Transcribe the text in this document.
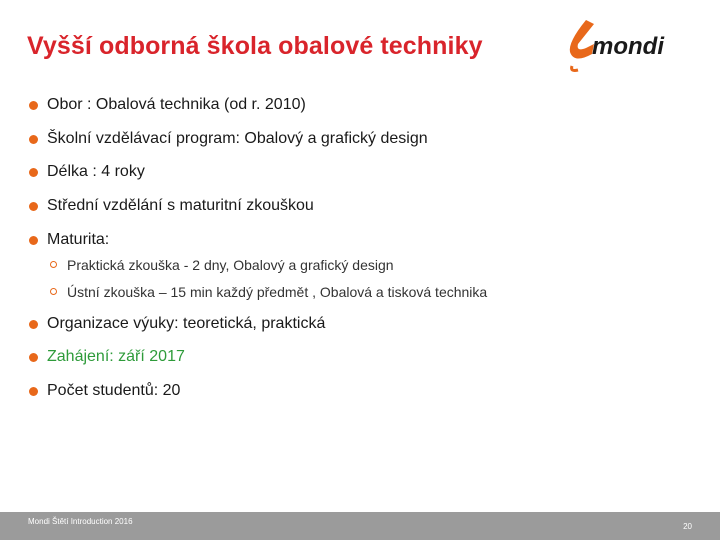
Vyšší odborná škola obalové techniky	mondi
Obor : Obalová technika (od r. 2010)
Školní vzdělávací program: Obalový a grafický design
Délka : 4 roky
Střední vzdělání s maturitní zkouškou
Maturita:
Praktická zkouška - 2 dny, Obalový a grafický design
Ústní zkouška – 15 min každý předmět , Obalová a tisková technika
Organizace výuky: teoretická, praktická
Zahájení: září 2017
Počet studentů: 20
Mondi Štětí Introduction 2016
20
